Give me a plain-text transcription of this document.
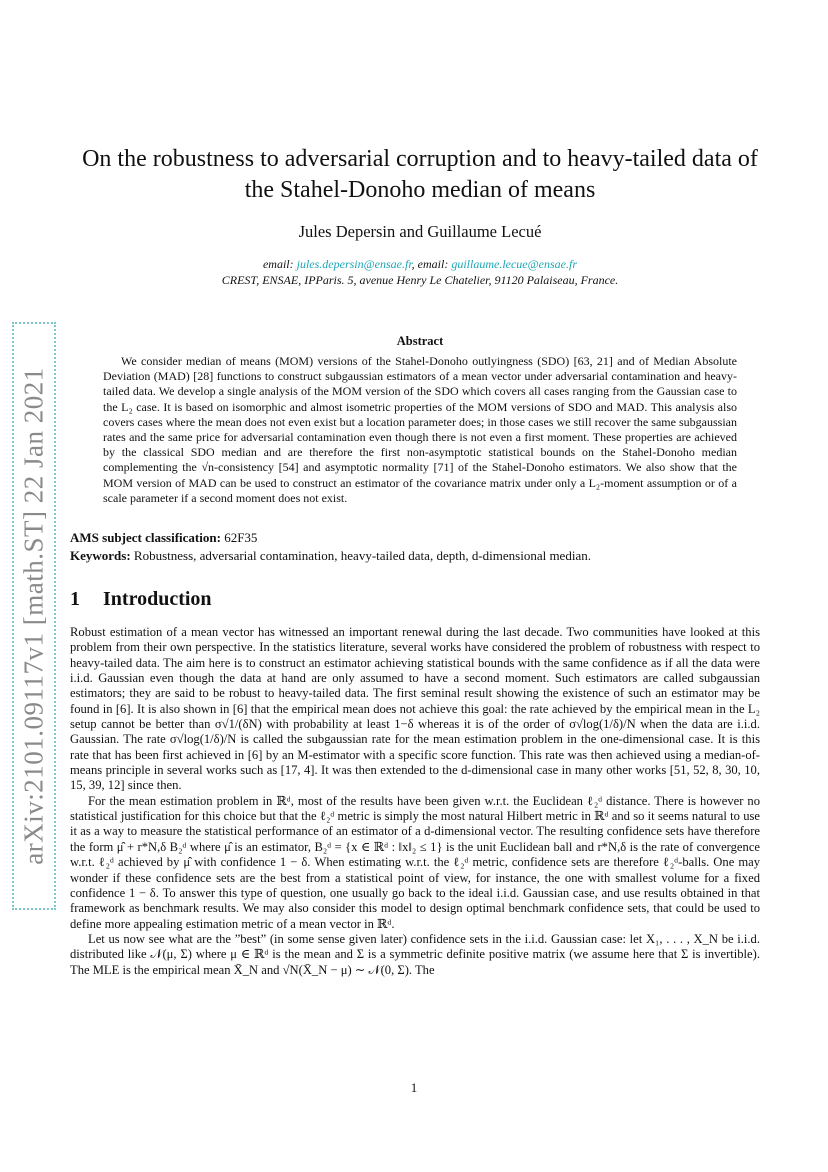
arXiv:2101.09117v1 [math.ST] 22 Jan 2021
On the robustness to adversarial corruption and to heavy-tailed data of the Stahel-Donoho median of means
Jules Depersin and Guillaume Lecué
email: jules.depersin@ensae.fr, email: guillaume.lecue@ensae.fr
CREST, ENSAE, IPParis. 5, avenue Henry Le Chatelier, 91120 Palaiseau, France.
Abstract
We consider median of means (MOM) versions of the Stahel-Donoho outlyingness (SDO) [63, 21] and of Median Absolute Deviation (MAD) [28] functions to construct subgaussian estimators of a mean vector under adversarial contamination and heavy-tailed data. We develop a single analysis of the MOM version of the SDO which covers all cases ranging from the Gaussian case to the L₂ case. It is based on isomorphic and almost isometric properties of the MOM versions of SDO and MAD. This analysis also covers cases where the mean does not even exist but a location parameter does; in those cases we still recover the same subgaussian rates and the same price for adversarial contamination even though there is not even a first moment. These properties are achieved by the classical SDO median and are therefore the first non-asymptotic statistical bounds on the Stahel-Donoho median complementing the √n-consistency [54] and asymptotic normality [71] of the Stahel-Donoho estimators. We also show that the MOM version of MAD can be used to construct an estimator of the covariance matrix under only a L₂-moment assumption or of a scale parameter if a second moment does not exist.
AMS subject classification: 62F35
Keywords: Robustness, adversarial contamination, heavy-tailed data, depth, d-dimensional median.
1 Introduction

Robust estimation of a mean vector has witnessed an important renewal during the last decade. Two communities have looked at this problem from their own perspective. In the statistics literature, several works have considered the problem of robustness with respect to heavy-tailed data. The aim here is to construct an estimator achieving statistical bounds with the same confidence as if all the data were i.i.d. Gaussian even though the data at hand are only assumed to have a second moment. Such estimators are called subgaussian estimators; they are said to be robust to heavy-tailed data. The first seminal result showing the existence of such an estimator may be found in [6]. It is also shown in [6] that the empirical mean does not achieve this goal: the rate achieved by the empirical mean in the L₂ setup cannot be better than σ√1/(δN) with probability at least 1−δ whereas it is of the order of σ√log(1/δ)/N when the data are i.i.d. Gaussian. The rate σ√log(1/δ)/N is called the subgaussian rate for the mean estimation problem in the one-dimensional case. It is this rate that has been first achieved in [6] by an M-estimator with a specific score function. This rate was then achieved using a median-of-means principle in several works such as [17, 4]. It was then extended to the d-dimensional case in many other works [51, 52, 8, 30, 10, 15, 39, 12] since then.

For the mean estimation problem in ℝᵈ, most of the results have been given w.r.t. the Euclidean ℓ₂ᵈ distance. There is however no statistical justification for this choice but that the ℓ₂ᵈ metric is simply the most natural Hilbert metric in ℝᵈ and so it seems natural to use it as a way to measure the statistical performance of an estimator of a d-dimensional vector. The resulting confidence sets have therefore the form μ̂ + r*N,δ B₂ᵈ where μ̂ is an estimator, B₂ᵈ = {x ∈ ℝᵈ : ‖x‖₂ ≤ 1} is the unit Euclidean ball and r*N,δ is the rate of convergence w.r.t. ℓ₂ᵈ achieved by μ̂ with confidence 1 − δ. When estimating w.r.t. the ℓ₂ᵈ metric, confidence sets are therefore ℓ₂ᵈ-balls. One may wonder if these confidence sets are the best from a statistical point of view, for instance, the one with smallest volume for a fixed confidence 1 − δ. To answer this type of question, one usually go back to the ideal i.i.d. Gaussian case, and use results obtained in that framework as benchmark results. We may also consider this model to design optimal benchmark confidence sets, that could be used to define more appealing estimation metric of a mean vector in ℝᵈ.

Let us now see what are the ”best” (in some sense given later) confidence sets in the i.i.d. Gaussian case: let X₁, . . . , X_N be i.i.d. distributed like 𝒩(μ, Σ) where μ ∈ ℝᵈ is the mean and Σ is a symmetric definite positive matrix (we assume here that Σ is invertible). The MLE is the empirical mean X̄_N and √N(X̄_N − μ) ∼ 𝒩(0, Σ). The

1
